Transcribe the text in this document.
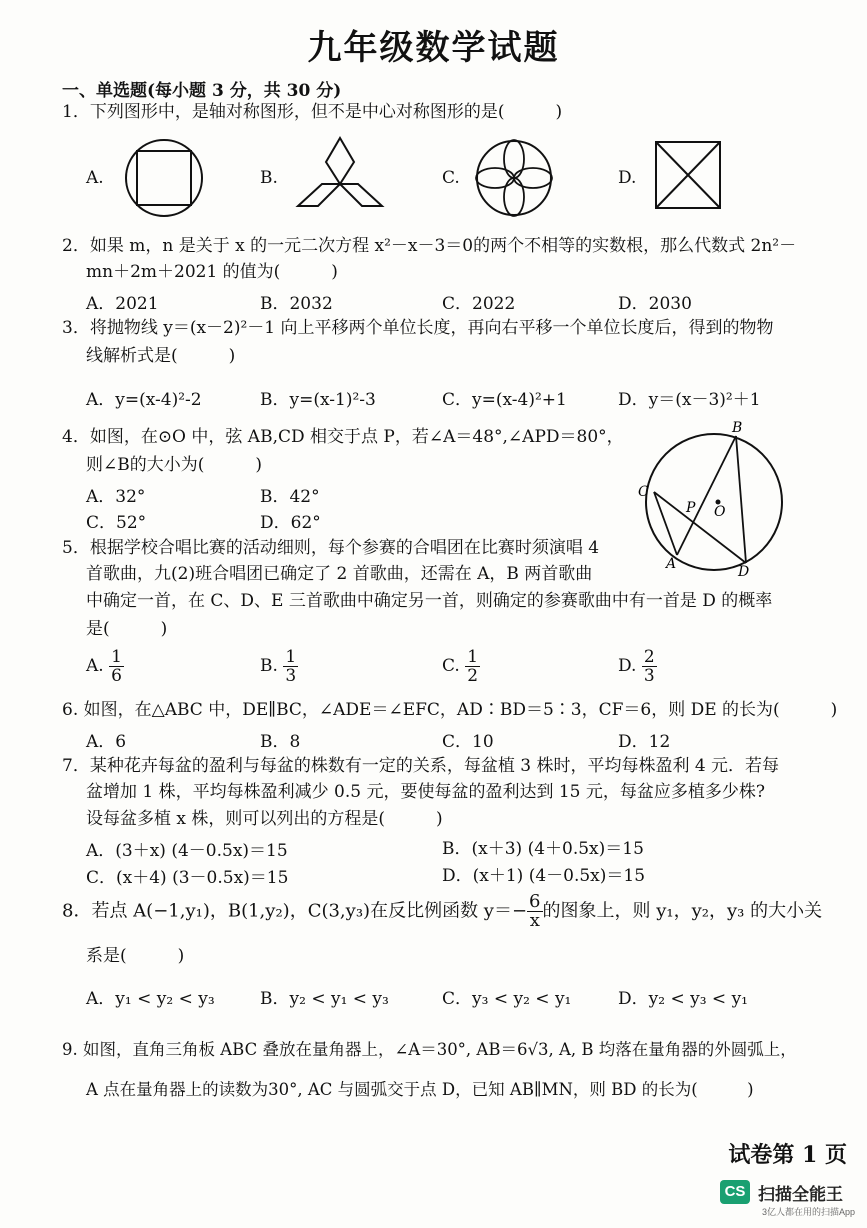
九年级数学试题
一、单选题(每小题 3 分，共 30 分)
1．下列图形中，是轴对称图形，但不是中心对称图形的是(　　　)
A.	B.	C.	D.
2．如果 m，n 是关于 x 的一元二次方程 x²－x－3＝0的两个不相等的实数根，那么代数式 2n²－
mn＋2m＋2021 的值为(　　　)
A．2021	B．2032	C．2022	D．2030
3．将抛物线 y＝(x－2)²－1 向上平移两个单位长度，再向右平移一个单位长度后，得到的物物
线解析式是(　　　)
A．y=(x-4)²-2	B．y=(x-1)²-3	C．y=(x-4)²+1	D．y＝(x－3)²＋1
4．如图，在⊙O 中，弦 AB,CD 相交于点 P，若∠A＝48°,∠APD＝80°，
则∠B的大小为(　　　)
A．32°	B．42°
C．52°	D．62°
B
C
P O
A	D
5．根据学校合唱比赛的活动细则，每个参赛的合唱团在比赛时须演唱 4
首歌曲，九(2)班合唱团已确定了 2 首歌曲，还需在 A，B 两首歌曲
中确定一首，在 C、D、E 三首歌曲中确定另一首，则确定的参赛歌曲中有一首是 D 的概率
是(　　　)
A. $\frac{1}{6}$	B. $\frac{1}{3}$	C. $\frac{1}{2}$	D. $\frac{2}{3}$
6. 如图，在△ABC 中，DE∥BC，∠ADE＝∠EFC，AD∶BD＝5∶3，CF＝6，则 DE 的长为(　　　)
A．6	B．8	C．10	D．12
7．某种花卉每盆的盈利与每盆的株数有一定的关系，每盆植 3 株时，平均每株盈利 4 元．若每
盆增加 1 株，平均每株盈利减少 0.5 元，要使每盆的盈利达到 15 元，每盆应多植多少株?
设每盆多植 x 株，则可以列出的方程是(　　　)
A．(3＋x) (4－0.5x)＝15	B．(x＋3) (4＋0.5x)＝15
C．(x＋4) (3－0.5x)＝15	D．(x＋1) (4－0.5x)＝15
8．若点 A(−1,y₁)，B(1,y₂)，C(3,y₃)在反比例函数 $y=- \frac{6}{x}$ 的图象上，则 y₁，y₂，y₃ 的大小关
系是(　　　)
A．y₁ < y₂ < y₃	B．y₂ < y₁ < y₃	C．y₃ < y₂ < y₁	D．y₂ < y₃ < y₁
9. 如图，直角三角板 ABC 叠放在量角器上，∠A＝30°, AB＝6√3, A, B 均落在量角器的外圆弧上，
A 点在量角器上的读数为30°, AC 与圆弧交于点 D，已知 AB∥MN，则 BD 的长为(　　　)
试卷第 1 页
CS 扫描全能王
3亿人都在用的扫描App
